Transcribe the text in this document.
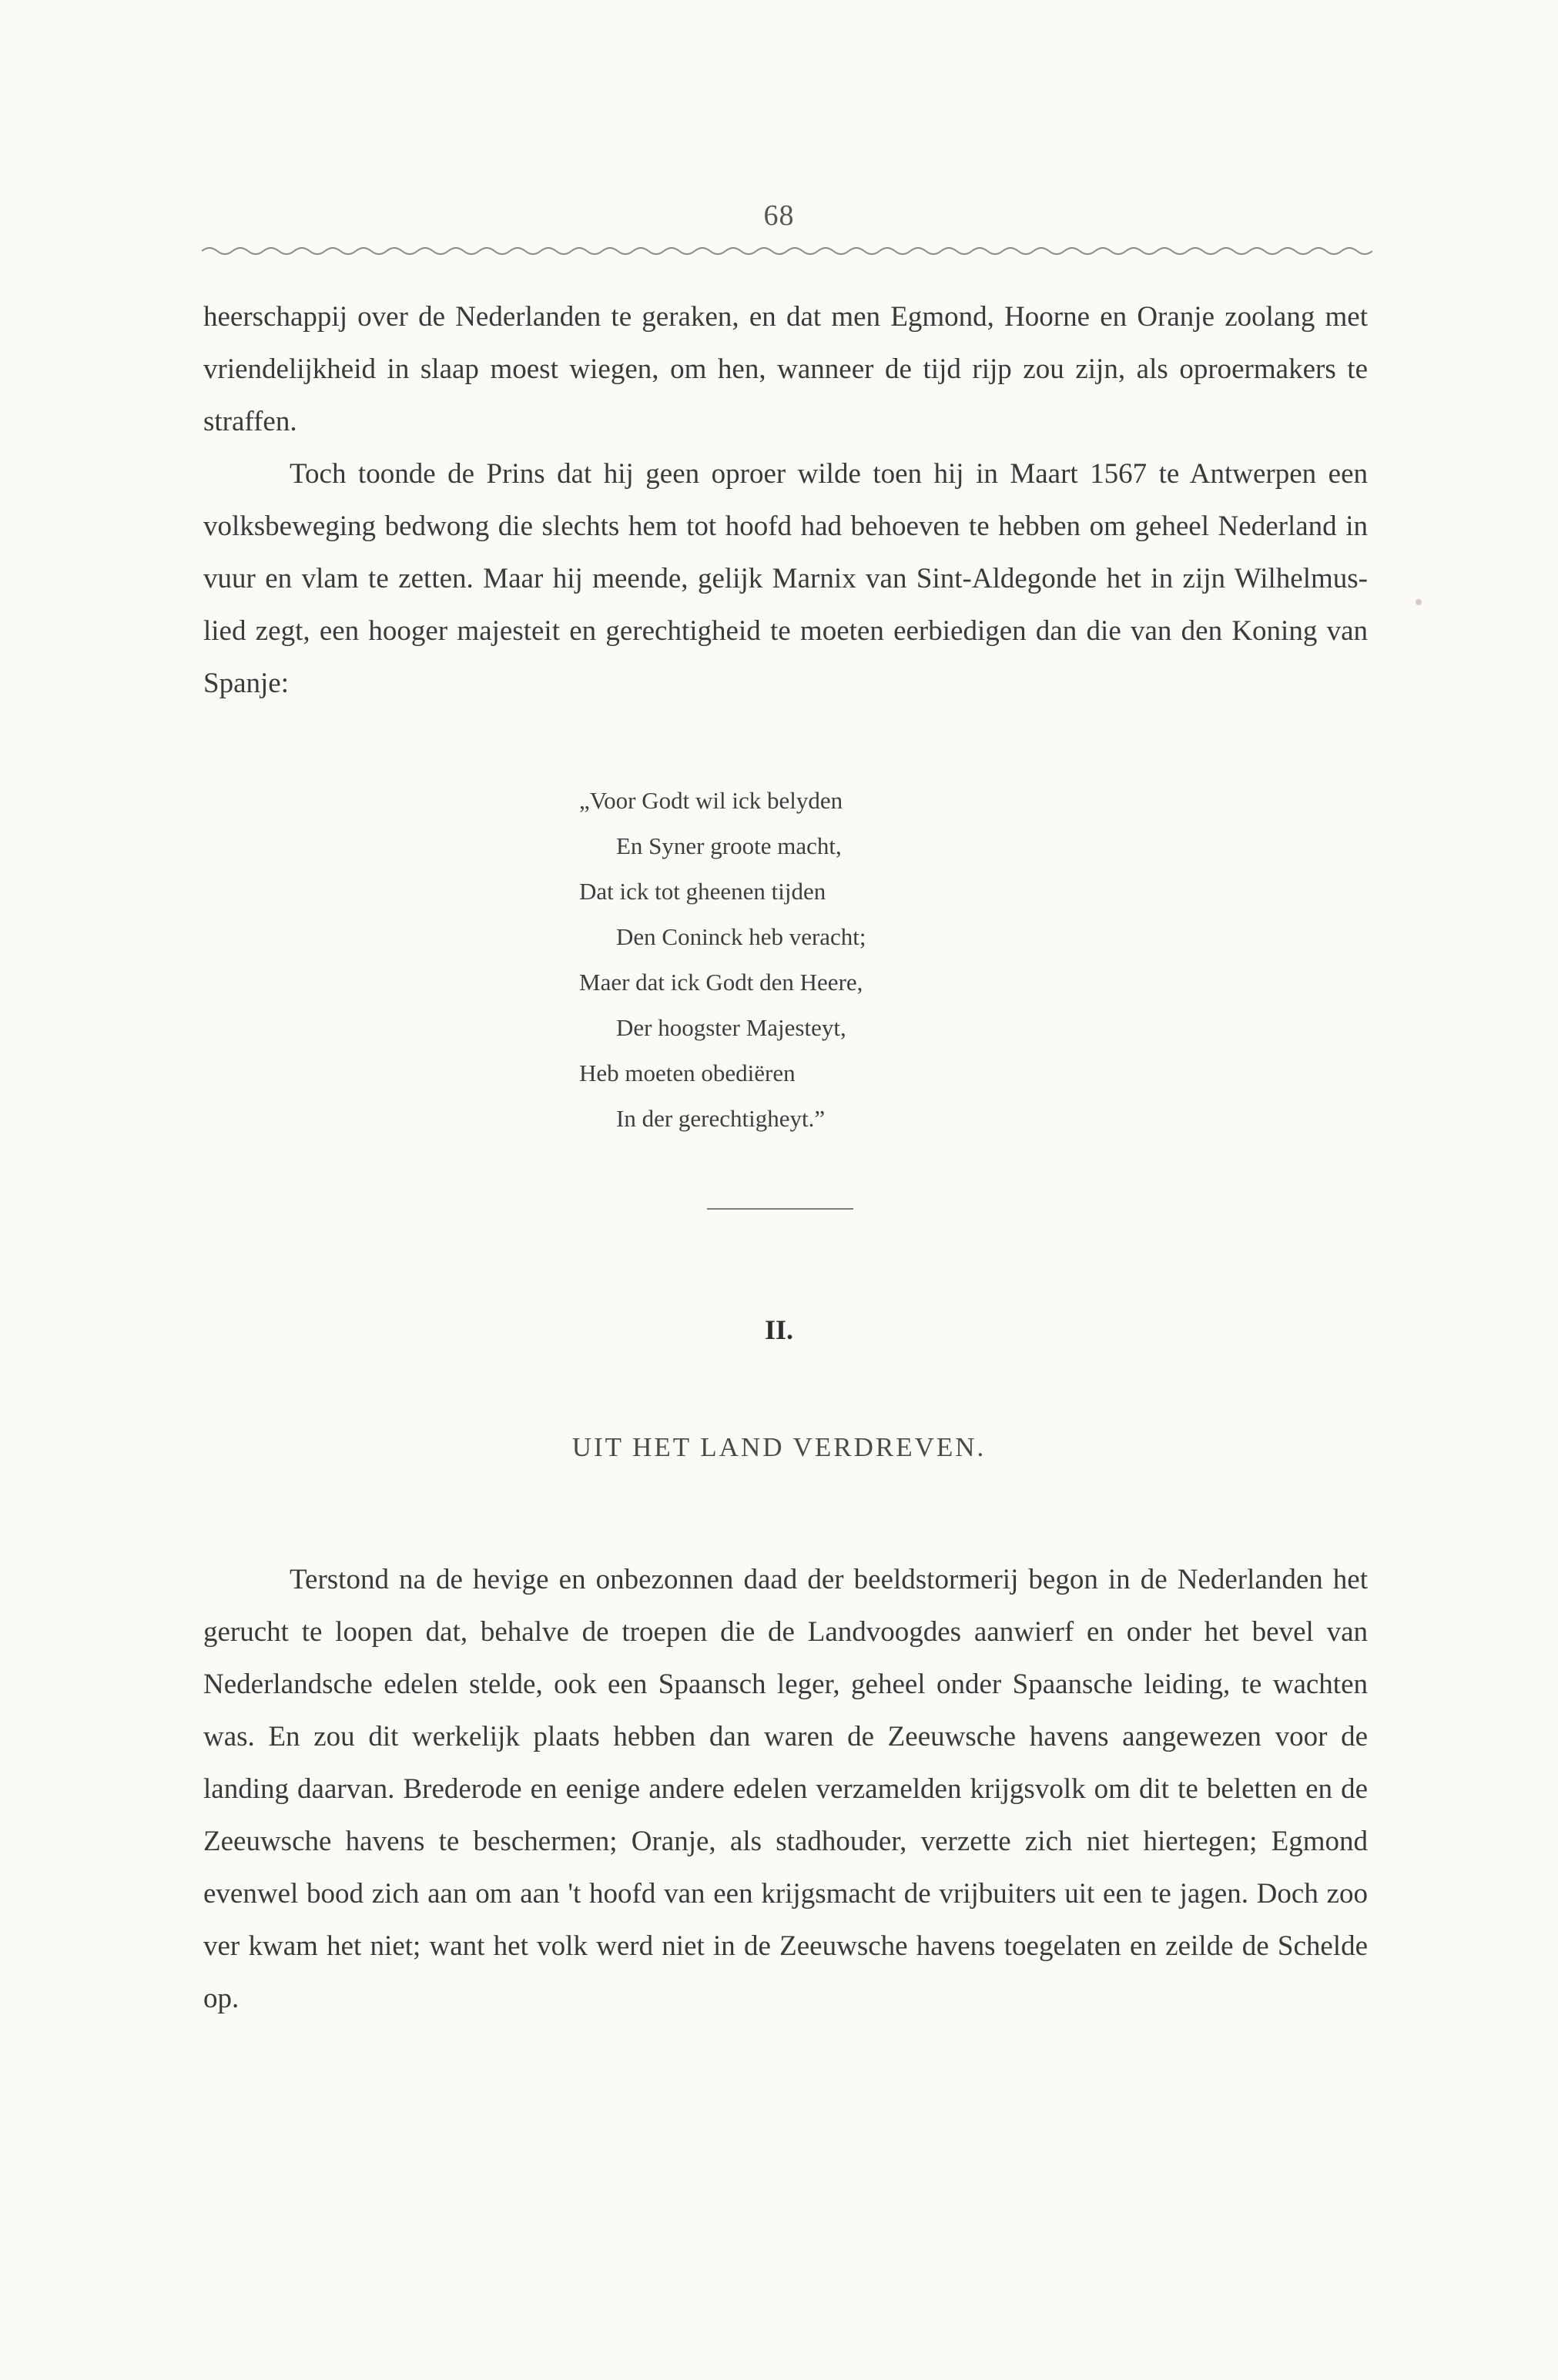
68

heerschappij over de Nederlanden te geraken, en dat men Egmond, Hoorne en Oranje zoolang met vriendelijkheid in slaap moest wiegen, om hen, wanneer de tijd rijp zou zijn, als oproermakers te straffen.

Toch toonde de Prins dat hij geen oproer wilde toen hij in Maart 1567 te Antwerpen een volksbeweging bedwong die slechts hem tot hoofd had behoeven te hebben om geheel Nederland in vuur en vlam te zetten. Maar hij meende, gelijk Marnix van Sint-Aldegonde het in zijn Wilhelmus-lied zegt, een hooger majesteit en gerechtigheid te moeten eerbiedigen dan die van den Koning van Spanje:

„Voor Godt wil ick belyden
En Syner groote macht,
Dat ick tot gheenen tijden
Den Coninck heb veracht;
Maer dat ick Godt den Heere,
Der hoogster Majesteyt,
Heb moeten obediëren
In der gerechtigheyt.”
II.
UIT HET LAND VERDREVEN.

Terstond na de hevige en onbezonnen daad der beeldstormerij begon in de Nederlanden het gerucht te loopen dat, behalve de troepen die de Landvoogdes aanwierf en onder het bevel van Nederlandsche edelen stelde, ook een Spaansch leger, geheel onder Spaansche leiding, te wachten was. En zou dit werkelijk plaats hebben dan waren de Zeeuwsche havens aangewezen voor de landing daarvan. Brederode en eenige andere edelen verzamelden krijgsvolk om dit te beletten en de Zeeuwsche havens te beschermen; Oranje, als stadhouder, verzette zich niet hiertegen; Egmond evenwel bood zich aan om aan 't hoofd van een krijgsmacht de vrijbuiters uit een te jagen. Doch zoo ver kwam het niet; want het volk werd niet in de Zeeuwsche havens toegelaten en zeilde de Schelde op.
